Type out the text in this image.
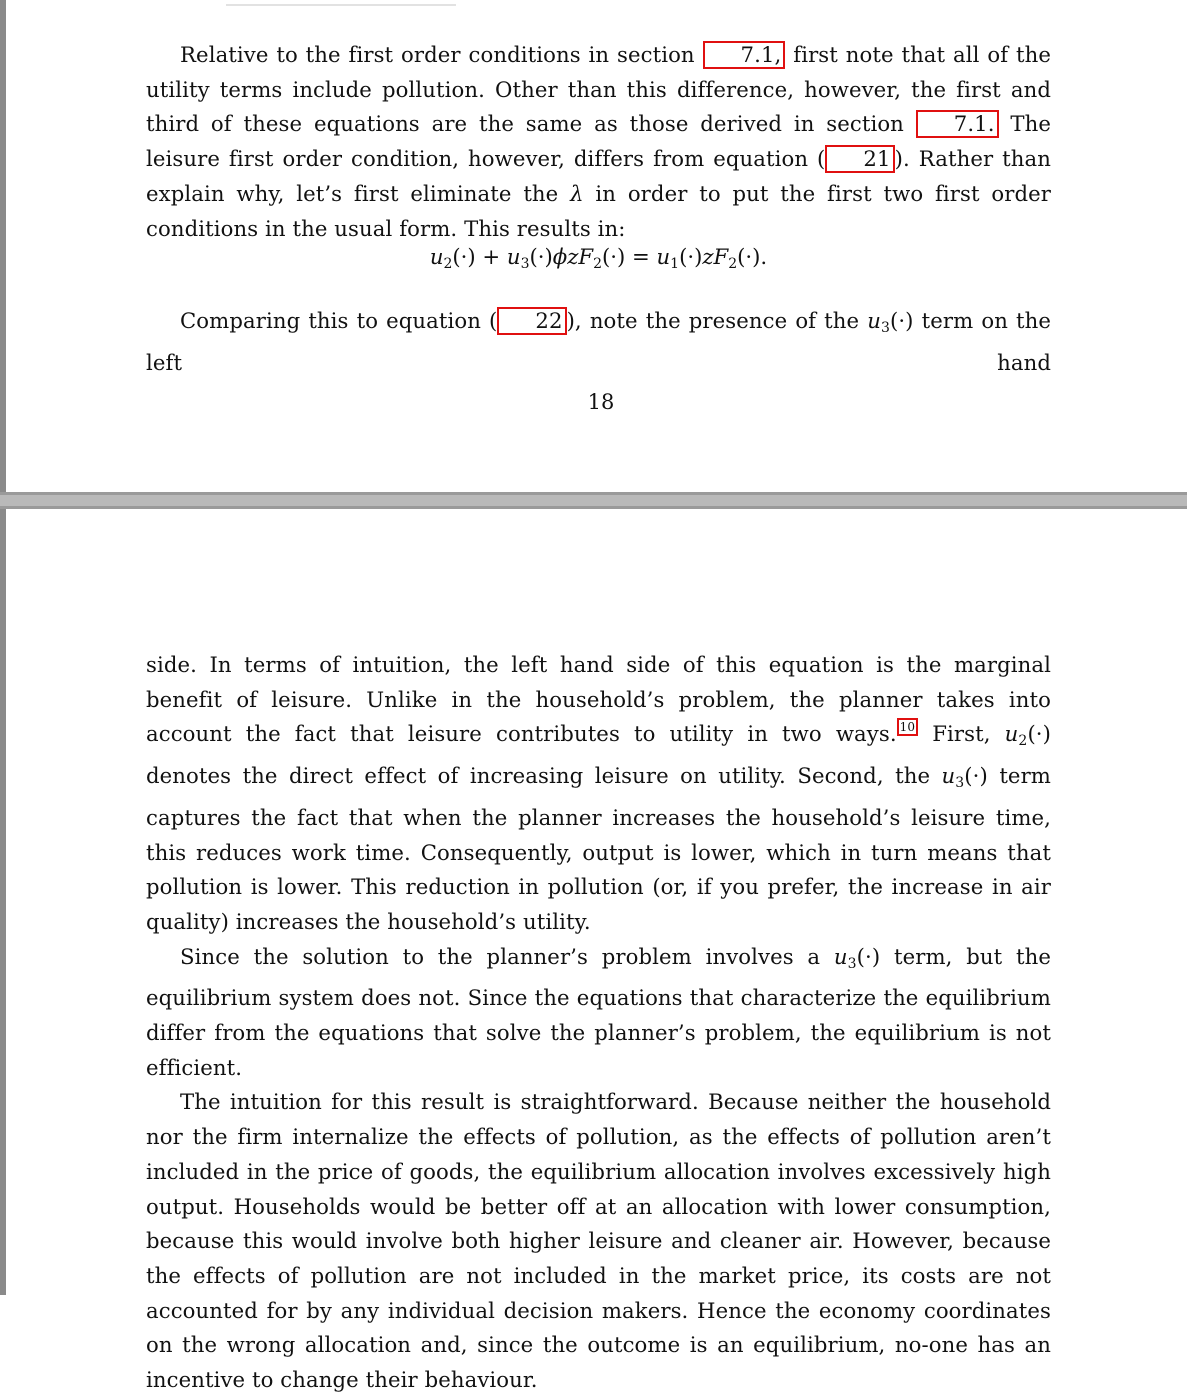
Relative to the first order conditions in section 7.1, first note that all of the utility terms include pollution. Other than this difference, however, the first and third of these equations are the same as those derived in section 7.1. The leisure first order condition, however, differs from equation ( 21 ). Rather than explain why, let’s first eliminate the λ in order to put the first two first order conditions in the usual form. This results in:

$u_2(\cdot) + u_3(\cdot)\phi zF_2(\cdot) = u_1(\cdot)zF_2(\cdot)$.

Comparing this to equation ( 22 ), note the presence of the $u_3(\cdot)$ term on the left hand

18

side. In terms of intuition, the left hand side of this equation is the marginal benefit of leisure. Unlike in the household’s problem, the planner takes into account the fact that leisure contributes to utility in two ways. 10 First, $u_2(\cdot)$ denotes the direct effect of increasing leisure on utility. Second, the $u_3(\cdot)$ term captures the fact that when the planner increases the household’s leisure time, this reduces work time. Consequently, output is lower, which in turn means that pollution is lower. This reduction in pollution (or, if you prefer, the increase in air quality) increases the household’s utility.

Since the solution to the planner’s problem involves a $u_3(\cdot)$ term, but the equilibrium system does not. Since the equations that characterize the equilibrium differ from the equations that solve the planner’s problem, the equilibrium is not efficient.

The intuition for this result is straightforward. Because neither the household nor the firm internalize the effects of pollution, as the effects of pollution aren’t included in the price of goods, the equilibrium allocation involves excessively high output. Households would be better off at an allocation with lower consumption, because this would involve both higher leisure and cleaner air. However, because the effects of pollution are not included in the market price, its costs are not accounted for by any individual decision makers. Hence the economy coordinates on the wrong allocation and, since the outcome is an equilibrium, no-one has an incentive to change their behaviour.
